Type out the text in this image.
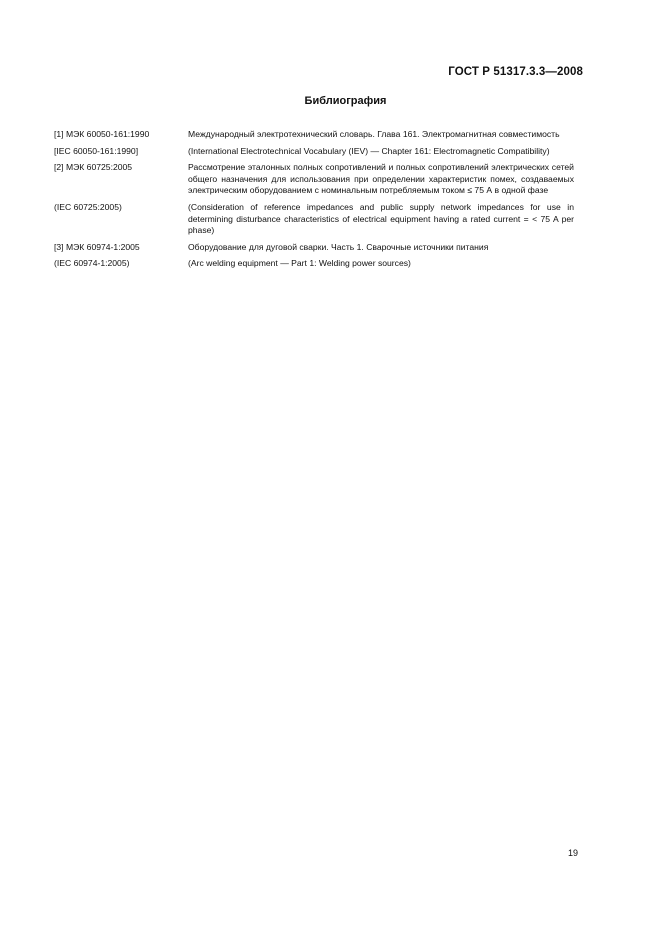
ГОСТ Р 51317.3.3—2008
Библиография
[1] МЭК 60050-161:1990	Международный электротехнический словарь. Глава 161. Электромагнитная совместимость
[IEC 60050-161:1990]	(International Electrotechnical Vocabulary (IEV) — Chapter 161: Electromagnetic Compatibility)
[2] МЭК 60725:2005	Рассмотрение эталонных полных сопротивлений и полных сопротивлений электрических сетей общего назначения для использования при определении характеристик помех, создаваемых электрическим оборудованием с номинальным потребляемым током ≤ 75 А в одной фазе
(IEC 60725:2005)	(Consideration of reference impedances and public supply network impedances for use in determining disturbance characteristics of electrical equipment having a rated current = < 75 A per phase)
[3] МЭК 60974-1:2005	Оборудование для дуговой сварки. Часть 1. Сварочные источники питания
(IEC 60974-1:2005)	(Arc welding equipment — Part 1: Welding power sources)
19
